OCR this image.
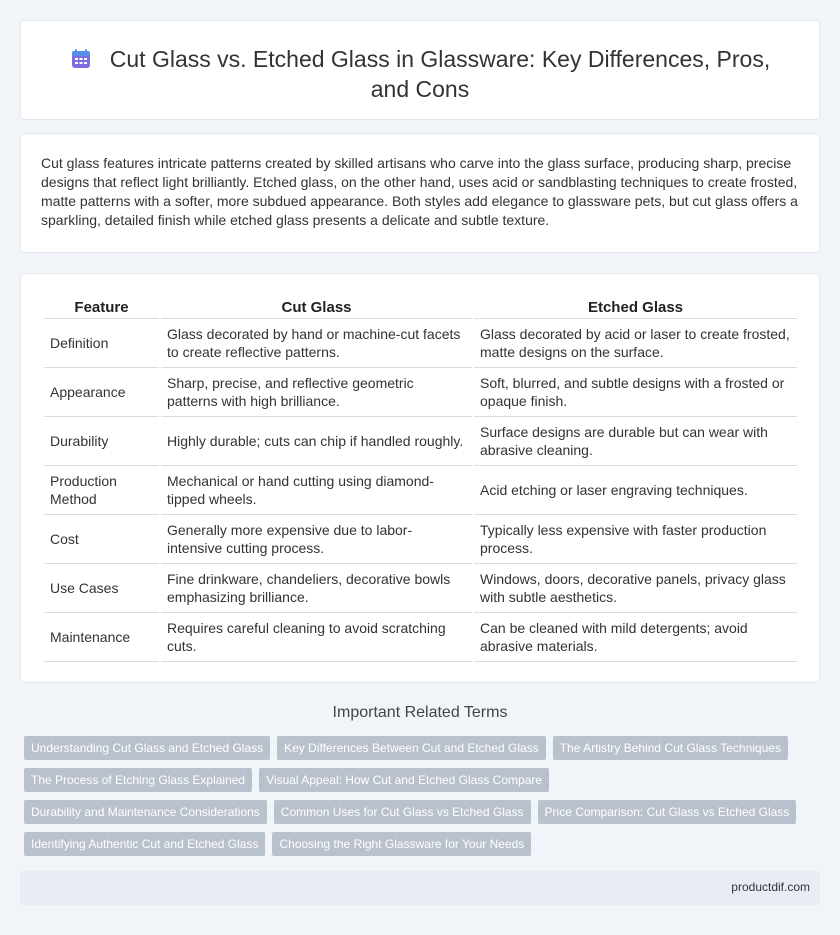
Cut Glass vs. Etched Glass in Glassware: Key Differences, Pros, and Cons

Cut glass features intricate patterns created by skilled artisans who carve into the glass surface, producing sharp, precise designs that reflect light brilliantly. Etched glass, on the other hand, uses acid or sandblasting techniques to create frosted, matte patterns with a softer, more subdued appearance. Both styles add elegance to glassware pets, but cut glass offers a sparkling, detailed finish while etched glass presents a delicate and subtle texture.

Feature	Cut Glass	Etched Glass
Definition	Glass decorated by hand or machine-cut facets to create reflective patterns.	Glass decorated by acid or laser to create frosted, matte designs on the surface.
Appearance	Sharp, precise, and reflective geometric patterns with high brilliance.	Soft, blurred, and subtle designs with a frosted or opaque finish.
Durability	Highly durable; cuts can chip if handled roughly.	Surface designs are durable but can wear with abrasive cleaning.
Production Method	Mechanical or hand cutting using diamond-tipped wheels.	Acid etching or laser engraving techniques.
Cost	Generally more expensive due to labor-intensive cutting process.	Typically less expensive with faster production process.
Use Cases	Fine drinkware, chandeliers, decorative bowls emphasizing brilliance.	Windows, doors, decorative panels, privacy glass with subtle aesthetics.
Maintenance	Requires careful cleaning to avoid scratching cuts.	Can be cleaned with mild detergents; avoid abrasive materials.
Important Related Terms
Understanding Cut Glass and Etched Glass	Key Differences Between Cut and Etched Glass	The Artistry Behind Cut Glass Techniques
The Process of Etching Glass Explained	Visual Appeal: How Cut and Etched Glass Compare
Durability and Maintenance Considerations	Common Uses for Cut Glass vs Etched Glass	Price Comparison: Cut Glass vs Etched Glass
Identifying Authentic Cut and Etched Glass	Choosing the Right Glassware for Your Needs
productdif.com
